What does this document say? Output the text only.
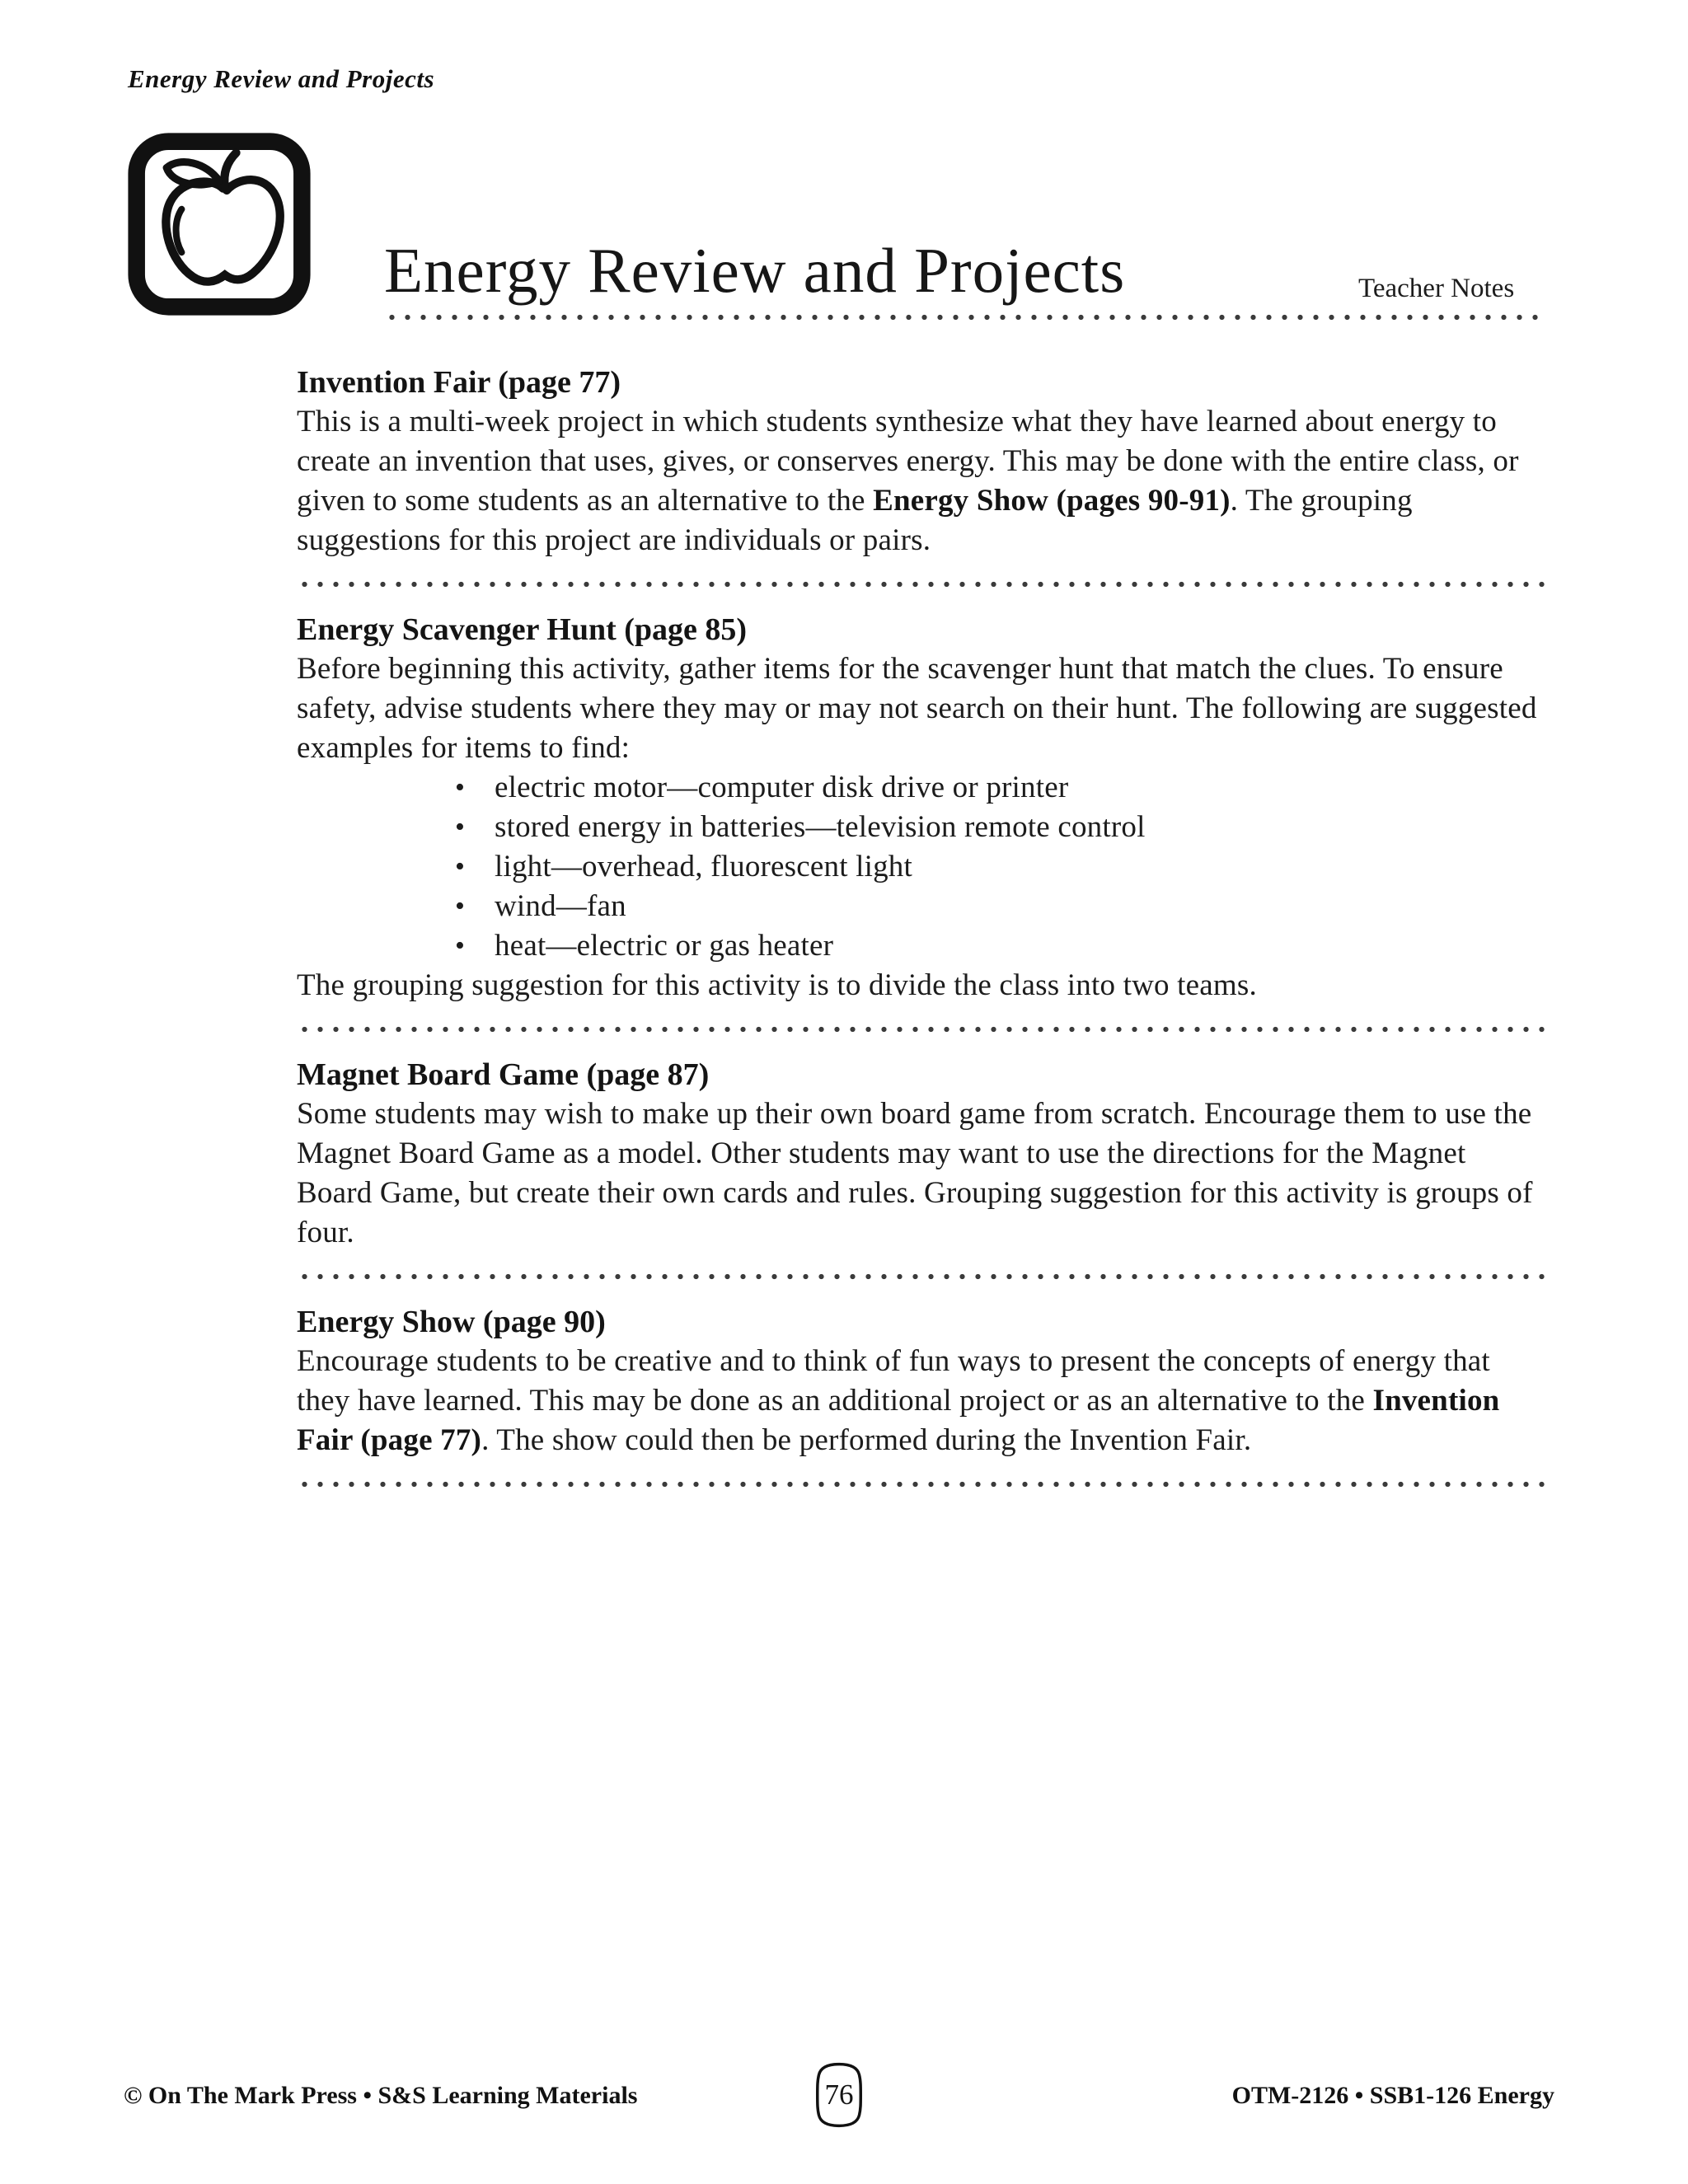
Energy Review and Projects
Energy Review and Projects	Teacher Notes
Invention Fair (page 77)

This is a multi-week project in which students synthesize what they have learned about energy to create an invention that uses, gives, or conserves energy. This may be done with the entire class, or given to some students as an alternative to the Energy Show (pages 90-91). The grouping suggestions for this project are individuals or pairs.

Energy Scavenger Hunt (page 85)

Before beginning this activity, gather items for the scavenger hunt that match the clues. To ensure safety, advise students where they may or may not search on their hunt. The following are suggested examples for items to find:

• electric motor—computer disk drive or printer
• stored energy in batteries—television remote control
• light—overhead, fluorescent light
• wind—fan
• heat—electric or gas heater

The grouping suggestion for this activity is to divide the class into two teams.

Magnet Board Game (page 87)

Some students may wish to make up their own board game from scratch. Encourage them to use the Magnet Board Game as a model. Other students may want to use the directions for the Magnet Board Game, but create their own cards and rules. Grouping suggestion for this activity is groups of four.

Energy Show (page 90)

Encourage students to be creative and to think of fun ways to present the concepts of energy that they have learned. This may be done as an additional project or as an alternative to the Invention Fair (page 77). The show could then be performed during the Invention Fair.

© On The Mark Press • S&S Learning Materials	76	OTM-2126 • SSB1-126 Energy
